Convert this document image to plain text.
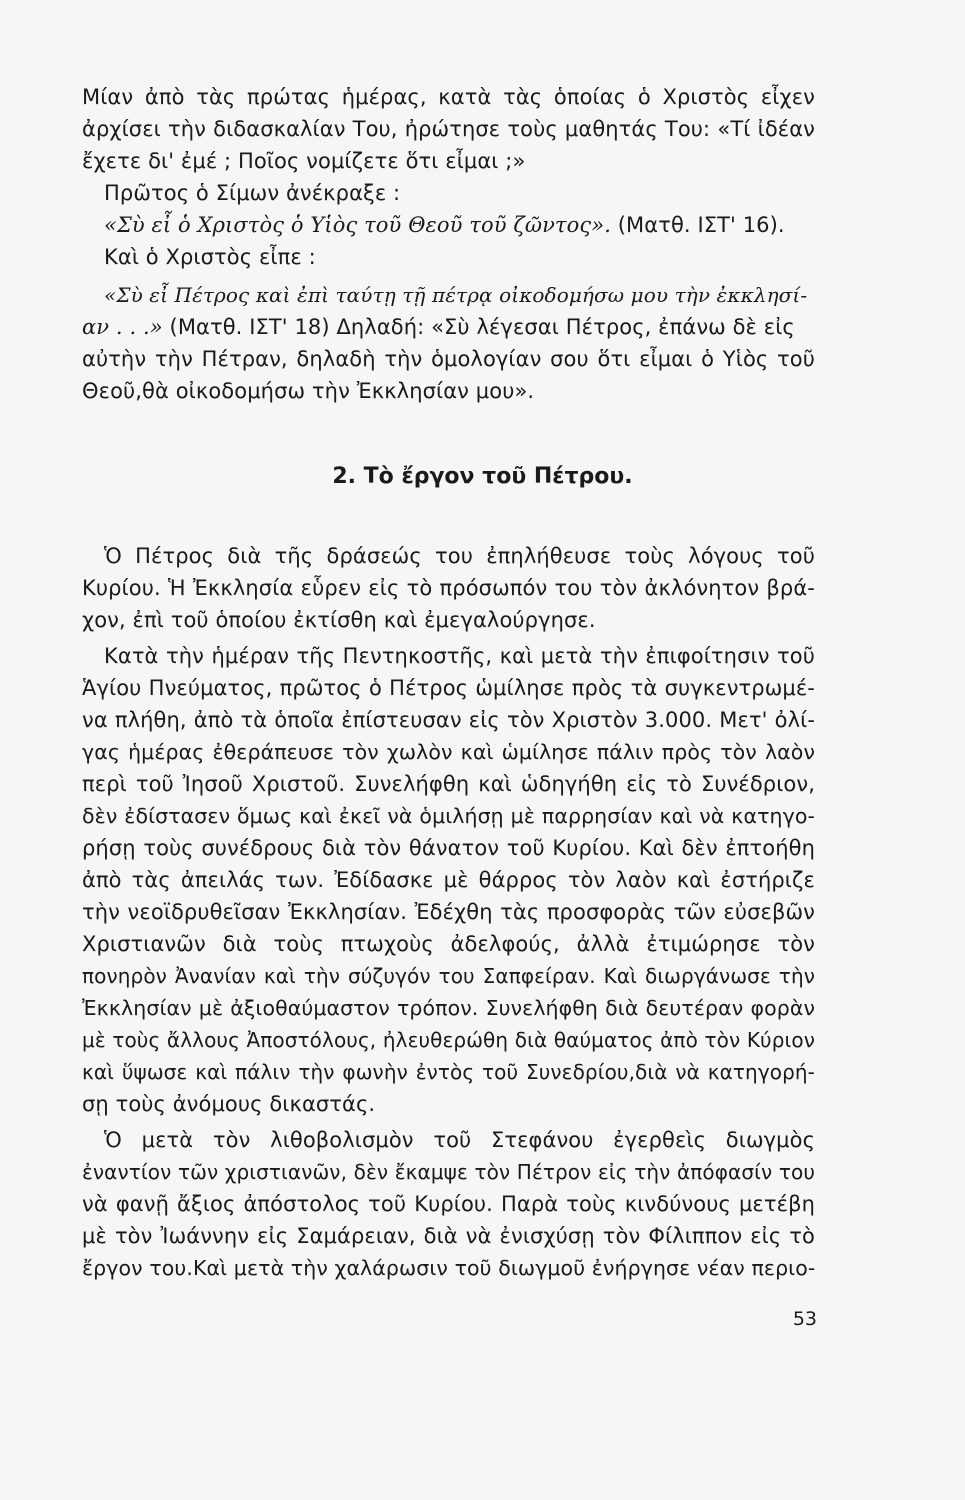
Μίαν ἀπὸ τὰς πρώτας ἡμέρας, κατὰ τὰς ὁποίας ὁ Χριστὸς εἶχεν
ἀρχίσει τὴν διδασκαλίαν Του, ἠρώτησε τοὺς μαθητάς Του: «Τί ἰδέαν
ἔχετε δι' ἐμέ ; Ποῖος νομίζετε ὅτι εἶμαι ;»
Πρῶτος ὁ Σίμων ἀνέκραξε :
«Σὺ εἶ ὁ Χριστὸς ὁ Υἱὸς τοῦ Θεοῦ τοῦ ζῶντος». (Ματθ. ΙΣΤ' 16).
Καὶ ὁ Χριστὸς εἶπε :
«Σὺ εἶ Πέτρος καὶ ἐπὶ ταύτῃ τῇ πέτρᾳ οἰκοδομήσω μου τὴν ἐκκλησί-
αν . . .» (Ματθ. ΙΣΤ' 18) Δηλαδή: «Σὺ λέγεσαι Πέτρος, ἐπάνω δὲ εἰς
αὐτὴν τὴν Πέτραν, δηλαδὴ τὴν ὁμολογίαν σου ὅτι εἶμαι ὁ Υἱὸς τοῦ
Θεοῦ,θὰ οἰκοδομήσω τὴν Ἐκκλησίαν μου».
2. Τὸ ἔργον τοῦ Πέτρου.
Ὁ Πέτρος διὰ τῆς δράσεώς του ἐπηλήθευσε τοὺς λόγους τοῦ
Κυρίου. Ἡ Ἐκκλησία εὗρεν εἰς τὸ πρόσωπόν του τὸν ἀκλόνητον βρά-
χον, ἐπὶ τοῦ ὁποίου ἐκτίσθη καὶ ἐμεγαλούργησε.
Κατὰ τὴν ἡμέραν τῆς Πεντηκοστῆς, καὶ μετὰ τὴν ἐπιφοίτησιν τοῦ
Ἁγίου Πνεύματος, πρῶτος ὁ Πέτρος ὡμίλησε πρὸς τὰ συγκεντρωμέ-
να πλήθη, ἀπὸ τὰ ὁποῖα ἐπίστευσαν εἰς τὸν Χριστὸν 3.000. Μετ' ὀλί-
γας ἡμέρας ἐθεράπευσε τὸν χωλὸν καὶ ὡμίλησε πάλιν πρὸς τὸν λαὸν
περὶ τοῦ Ἰησοῦ Χριστοῦ. Συνελήφθη καὶ ὡδηγήθη εἰς τὸ Συνέδριον,
δὲν ἐδίστασεν ὅμως καὶ ἐκεῖ νὰ ὁμιλήσῃ μὲ παρρησίαν καὶ νὰ κατηγο-
ρήσῃ τοὺς συνέδρους διὰ τὸν θάνατον τοῦ Κυρίου. Καὶ δὲν ἐπτοήθη
ἀπὸ τὰς ἀπειλάς των. Ἐδίδασκε μὲ θάρρος τὸν λαὸν καὶ ἐστήριζε
τὴν νεοϊδρυθεῖσαν Ἐκκλησίαν. Ἐδέχθη τὰς προσφορὰς τῶν εὐσεβῶν
Χριστιανῶν διὰ τοὺς πτωχοὺς ἀδελφούς, ἀλλὰ ἐτιμώρησε τὸν
πονηρὸν Ἀνανίαν καὶ τὴν σύζυγόν του Σαπφείραν. Καὶ διωργάνωσε τὴν
Ἐκκλησίαν μὲ ἀξιοθαύμαστον τρόπον. Συνελήφθη διὰ δευτέραν φορὰν
μὲ τοὺς ἄλλους Ἀποστόλους, ἠλευθερώθη διὰ θαύματος ἀπὸ τὸν Κύριον
καὶ ὕψωσε καὶ πάλιν τὴν φωνὴν ἐντὸς τοῦ Συνεδρίου,διὰ νὰ κατηγορή-
σῃ τοὺς ἀνόμους δικαστάς.
Ὁ μετὰ τὸν λιθοβολισμὸν τοῦ Στεφάνου ἐγερθεὶς διωγμὸς
ἐναντίον τῶν χριστιανῶν, δὲν ἔκαμψε τὸν Πέτρον εἰς τὴν ἀπόφασίν του
νὰ φανῇ ἄξιος ἀπόστολος τοῦ Κυρίου. Παρὰ τοὺς κινδύνους μετέβη
μὲ τὸν Ἰωάννην εἰς Σαμάρειαν, διὰ νὰ ἐνισχύσῃ τὸν Φίλιππον εἰς τὸ
ἔργον του.Καὶ μετὰ τὴν χαλάρωσιν τοῦ διωγμοῦ ἐνήργησε νέαν περιο-
53
